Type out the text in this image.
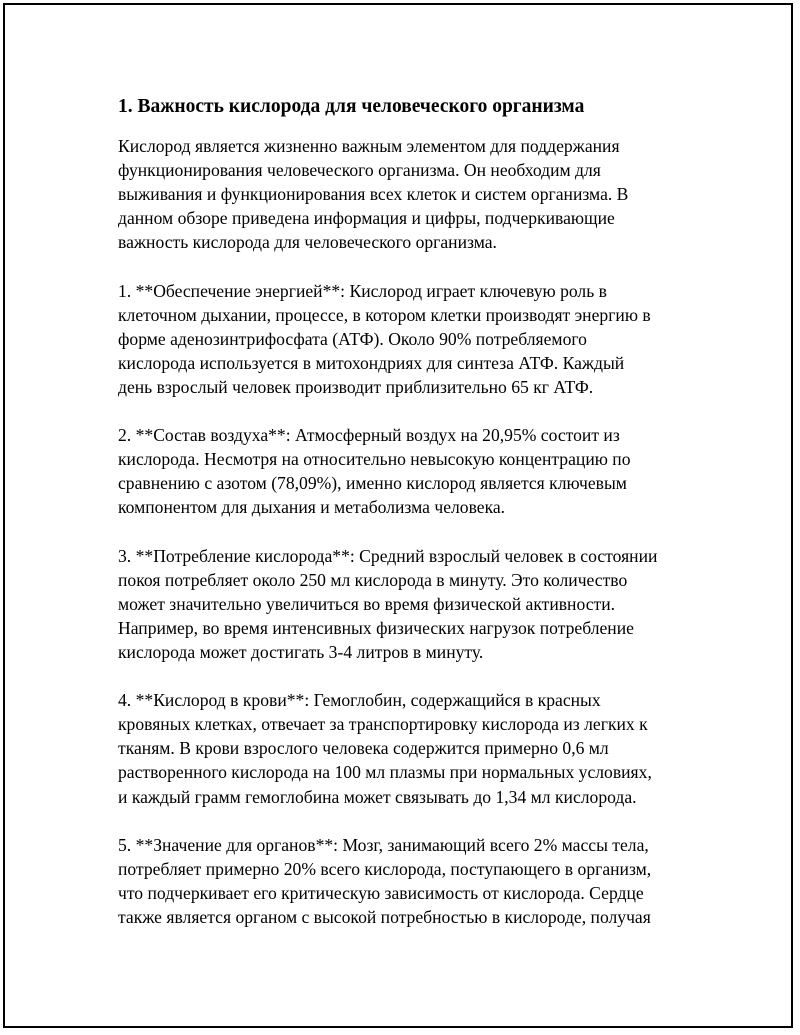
1. Важность кислорода для человеческого организма

Кислород является жизненно важным элементом для поддержания
функционирования человеческого организма. Он необходим для
выживания и функционирования всех клеток и систем организма. В
данном обзоре приведена информация и цифры, подчеркивающие
важность кислорода для человеческого организма.

1. **Обеспечение энергией**: Кислород играет ключевую роль в
клеточном дыхании, процессе, в котором клетки производят энергию в
форме аденозинтрифосфата (АТФ). Около 90% потребляемого
кислорода используется в митохондриях для синтеза АТФ. Каждый
день взрослый человек производит приблизительно 65 кг АТФ.

2. **Состав воздуха**: Атмосферный воздух на 20,95% состоит из
кислорода. Несмотря на относительно невысокую концентрацию по
сравнению с азотом (78,09%), именно кислород является ключевым
компонентом для дыхания и метаболизма человека.

3. **Потребление кислорода**: Средний взрослый человек в состоянии
покоя потребляет около 250 мл кислорода в минуту. Это количество
может значительно увеличиться во время физической активности.
Например, во время интенсивных физических нагрузок потребление
кислорода может достигать 3-4 литров в минуту.

4. **Кислород в крови**: Гемоглобин, содержащийся в красных
кровяных клетках, отвечает за транспортировку кислорода из легких к
тканям. В крови взрослого человека содержится примерно 0,6 мл
растворенного кислорода на 100 мл плазмы при нормальных условиях,
и каждый грамм гемоглобина может связывать до 1,34 мл кислорода.

5. **Значение для органов**: Мозг, занимающий всего 2% массы тела,
потребляет примерно 20% всего кислорода, поступающего в организм,
что подчеркивает его критическую зависимость от кислорода. Сердце
также является органом с высокой потребностью в кислороде, получая
